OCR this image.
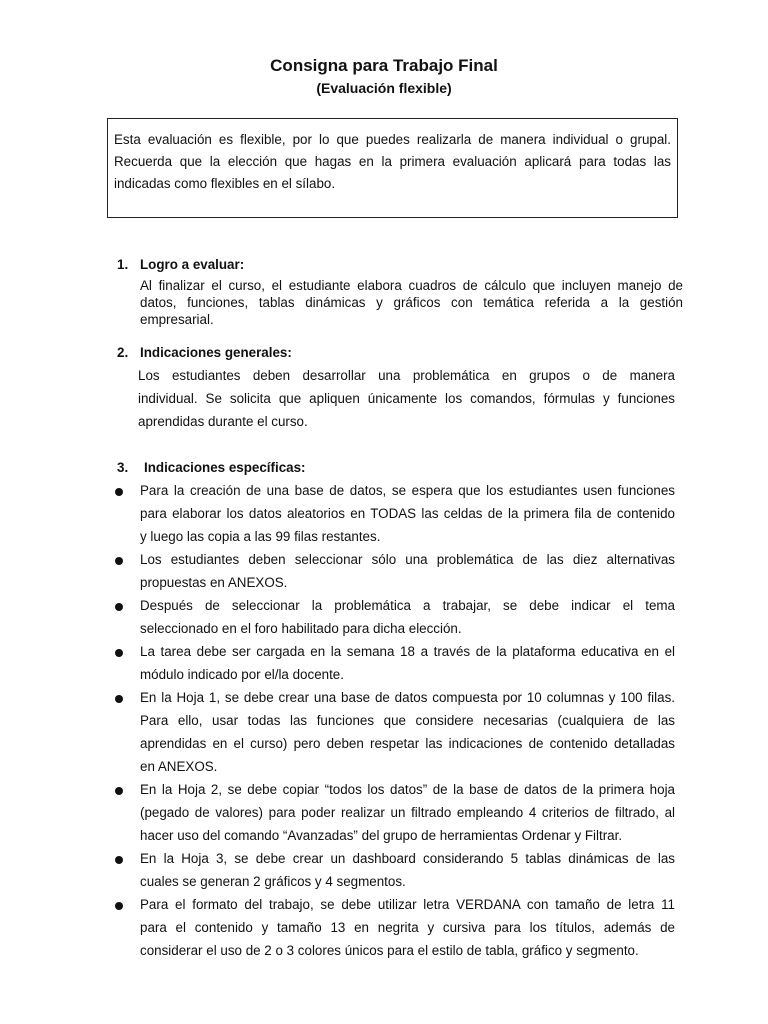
Consigna para Trabajo Final
(Evaluación flexible)
Esta evaluación es flexible, por lo que puedes realizarla de manera individual o grupal.
Recuerda que la elección que hagas en la primera evaluación aplicará para todas las
indicadas como flexibles en el sílabo.
1. Logro a evaluar:
Al finalizar el curso, el estudiante elabora cuadros de cálculo que incluyen manejo de
datos, funciones, tablas dinámicas y gráficos con temática referida a la gestión
empresarial.
2. Indicaciones generales:
Los estudiantes deben desarrollar una problemática en grupos o de manera
individual. Se solicita que apliquen únicamente los comandos, fórmulas y funciones
aprendidas durante el curso.
3. Indicaciones específicas:
Para la creación de una base de datos, se espera que los estudiantes usen funciones
para elaborar los datos aleatorios en TODAS las celdas de la primera fila de contenido
y luego las copia a las 99 filas restantes.
Los estudiantes deben seleccionar sólo una problemática de las diez alternativas
propuestas en ANEXOS.
Después de seleccionar la problemática a trabajar, se debe indicar el tema
seleccionado en el foro habilitado para dicha elección.
La tarea debe ser cargada en la semana 18 a través de la plataforma educativa en el
módulo indicado por el/la docente.
En la Hoja 1, se debe crear una base de datos compuesta por 10 columnas y 100 filas.
Para ello, usar todas las funciones que considere necesarias (cualquiera de las
aprendidas en el curso) pero deben respetar las indicaciones de contenido detalladas
en ANEXOS.
En la Hoja 2, se debe copiar “todos los datos” de la base de datos de la primera hoja
(pegado de valores) para poder realizar un filtrado empleando 4 criterios de filtrado, al
hacer uso del comando “Avanzadas” del grupo de herramientas Ordenar y Filtrar.
En la Hoja 3, se debe crear un dashboard considerando 5 tablas dinámicas de las
cuales se generan 2 gráficos y 4 segmentos.
Para el formato del trabajo, se debe utilizar letra VERDANA con tamaño de letra 11
para el contenido y tamaño 13 en negrita y cursiva para los títulos, además de
considerar el uso de 2 o 3 colores únicos para el estilo de tabla, gráfico y segmento.
